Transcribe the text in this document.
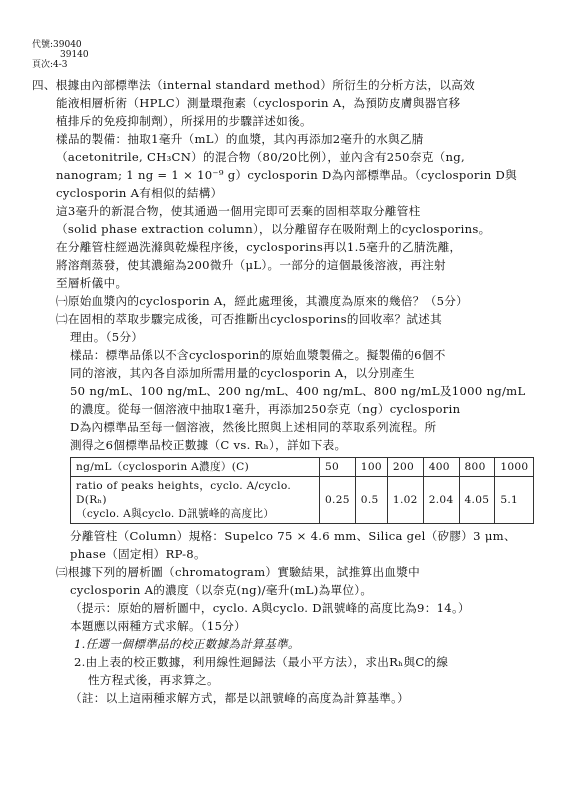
代號:39040
39140
頁次:4-3

四、根據由內部標準法（internal standard method）所衍生的分析方法，以高效

能液相層析術（HPLC）測量環孢素（cyclosporin A，為預防皮膚與器官移

植排斥的免疫抑制劑），所採用的步驟詳述如後。

樣品的製備：抽取1毫升（mL）的血漿，其內再添加2毫升的水與乙腈

（acetonitrile, CH₃CN）的混合物（80/20比例），並內含有250奈克（ng,

nanogram; 1 ng = 1 × 10⁻⁹ g）cyclosporin D為內部標準品。（cyclosporin D與

cyclosporin A有相似的結構）

這3毫升的新混合物，使其通過一個用完即可丟棄的固相萃取分離管柱

（solid phase extraction column），以分離留存在吸附劑上的cyclosporins。

在分離管柱經過洗滌與乾燥程序後，cyclosporins再以1.5毫升的乙腈洗離，

將溶劑蒸發，使其濃縮為200微升（μL）。一部分的這個最後溶液，再注射

至層析儀中。

㈠原始血漿內的cyclosporin A，經此處理後，其濃度為原來的幾倍？（5分）

㈡在固相的萃取步驟完成後，可否推斷出cyclosporins的回收率？試述其

理由。（5分）

樣品：標準品係以不含cyclosporin的原始血漿製備之。擬製備的6個不

同的溶液，其內各自添加所需用量的cyclosporin A，以分別產生

50 ng/mL、100 ng/mL、200 ng/mL、400 ng/mL、800 ng/mL及1000 ng/mL

的濃度。從每一個溶液中抽取1毫升，再添加250奈克（ng）cyclosporin

D為內標準品至每一個溶液，然後比照與上述相同的萃取系列流程。所

測得之6個標準品校正數據（C vs. Rₕ），詳如下表。

ng/mL（cyclosporin A濃度）(C)	50	100	200	400	800	1000

ratio of peaks heights，cyclo. A/cyclo. D(Rₕ)
（cyclo. A與cyclo. D訊號峰的高度比）	0.25	0.5	1.02	2.04	4.05	5.1

分離管柱（Column）規格：Supelco 75 × 4.6 mm、Silica gel（矽膠）3 μm、

phase（固定相）RP-8。

㈢根據下列的層析圖（chromatogram）實驗結果，試推算出血漿中

cyclosporin A的濃度（以奈克(ng)/毫升(mL)為單位）。

（提示：原始的層析圖中，cyclo. A與cyclo. D訊號峰的高度比為9：14。）

本題應以兩種方式求解。（15分）

1.任選一個標準品的校正數據為計算基準。

2.由上表的校正數據，利用線性迴歸法（最小平方法），求出Rₕ與C的線

性方程式後，再求算之。

（註：以上這兩種求解方式，都是以訊號峰的高度為計算基準。）
